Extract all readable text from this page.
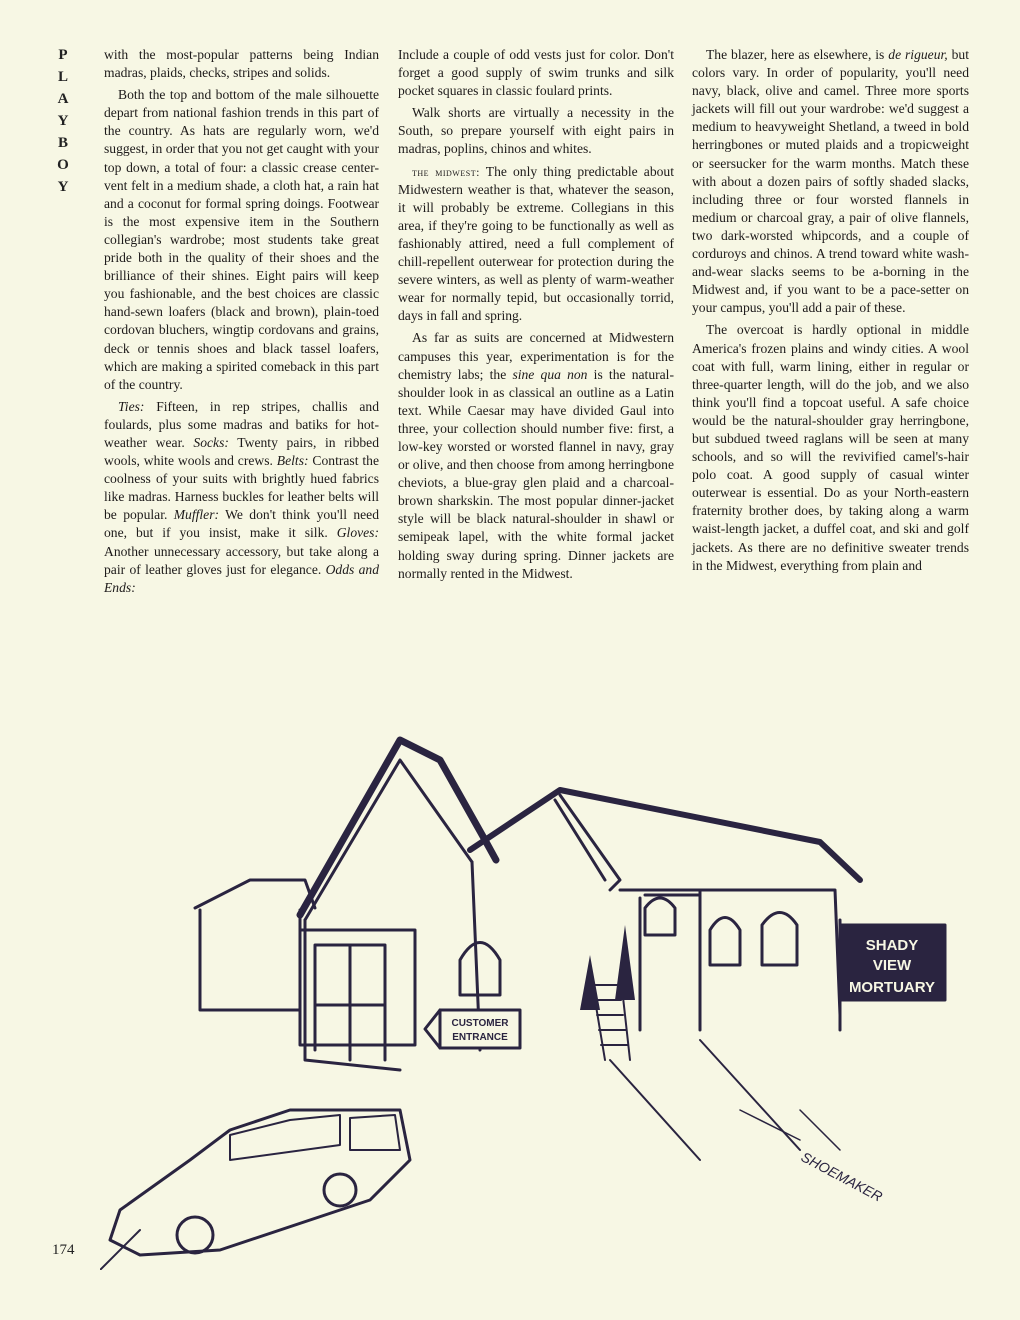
P
L
A
Y
B
O
Y

with the most-popular patterns being Indian madras, plaids, checks, stripes and solids.

Both the top and bottom of the male silhouette depart from national fashion trends in this part of the country. As hats are regularly worn, we'd suggest, in order that you not get caught with your top down, a total of four: a classic crease center-vent felt in a medium shade, a cloth hat, a rain hat and a coconut for formal spring doings. Footwear is the most expensive item in the Southern collegian's wardrobe; most students take great pride both in the quality of their shoes and the brilliance of their shines. Eight pairs will keep you fashionable, and the best choices are classic hand-sewn loafers (black and brown), plain-toed cordovan bluchers, wingtip cordovans and grains, deck or tennis shoes and black tassel loafers, which are making a spirited comeback in this part of the country.

Ties: Fifteen, in rep stripes, challis and foulards, plus some madras and batiks for hot-weather wear. Socks: Twenty pairs, in ribbed wools, white wools and crews. Belts: Contrast the coolness of your suits with brightly hued fabrics like madras. Harness buckles for leather belts will be popular. Muffler: We don't think you'll need one, but if you insist, make it silk. Gloves: Another unnecessary accessory, but take along a pair of leather gloves just for elegance. Odds and Ends:

Include a couple of odd vests just for color. Don't forget a good supply of swim trunks and silk pocket squares in classic foulard prints.

Walk shorts are virtually a necessity in the South, so prepare yourself with eight pairs in madras, poplins, chinos and whites.

the midwest: The only thing predictable about Midwestern weather is that, whatever the season, it will probably be extreme. Collegians in this area, if they're going to be functionally as well as fashionably attired, need a full complement of chill-repellent outerwear for protection during the severe winters, as well as plenty of warm-weather wear for normally tepid, but occasionally torrid, days in fall and spring.

As far as suits are concerned at Midwestern campuses this year, experimentation is for the chemistry labs; the sine qua non is the natural-shoulder look in as classical an outline as a Latin text. While Caesar may have divided Gaul into three, your collection should number five: first, a low-key worsted or worsted flannel in navy, gray or olive, and then choose from among herringbone cheviots, a blue-gray glen plaid and a charcoal-brown sharkskin. The most popular dinner-jacket style will be black natural-shoulder in shawl or semipeak lapel, with the white formal jacket holding sway during spring. Dinner jackets are normally rented in the Midwest.

The blazer, here as elsewhere, is de rigueur, but colors vary. In order of popularity, you'll need navy, black, olive and camel. Three more sports jackets will fill out your wardrobe: we'd suggest a medium to heavyweight Shetland, a tweed in bold herringbones or muted plaids and a tropicweight or seersucker for the warm months. Match these with about a dozen pairs of softly shaded slacks, including three or four worsted flannels in medium or charcoal gray, a pair of olive flannels, two dark-worsted whipcords, and a couple of corduroys and chinos. A trend toward white wash-and-wear slacks seems to be a-borning in the Midwest and, if you want to be a pace-setter on your campus, you'll add a pair of these.

The overcoat is hardly optional in middle America's frozen plains and windy cities. A wool coat with full, warm lining, either in regular or three-quarter length, will do the job, and we also think you'll find a topcoat useful. A safe choice would be the natural-shoulder gray herringbone, but subdued tweed raglans will be seen at many schools, and so will the revivified camel's-hair polo coat. A good supply of casual winter outerwear is essential. Do as your North-eastern fraternity brother does, by taking along a warm waist-length jacket, a duffel coat, and ski and golf jackets. As there are no definitive sweater trends in the Midwest, everything from plain and

SHADY
VIEW
MORTUARY
CUSTOMER
ENTRANCE
SHOEMAKER
174
